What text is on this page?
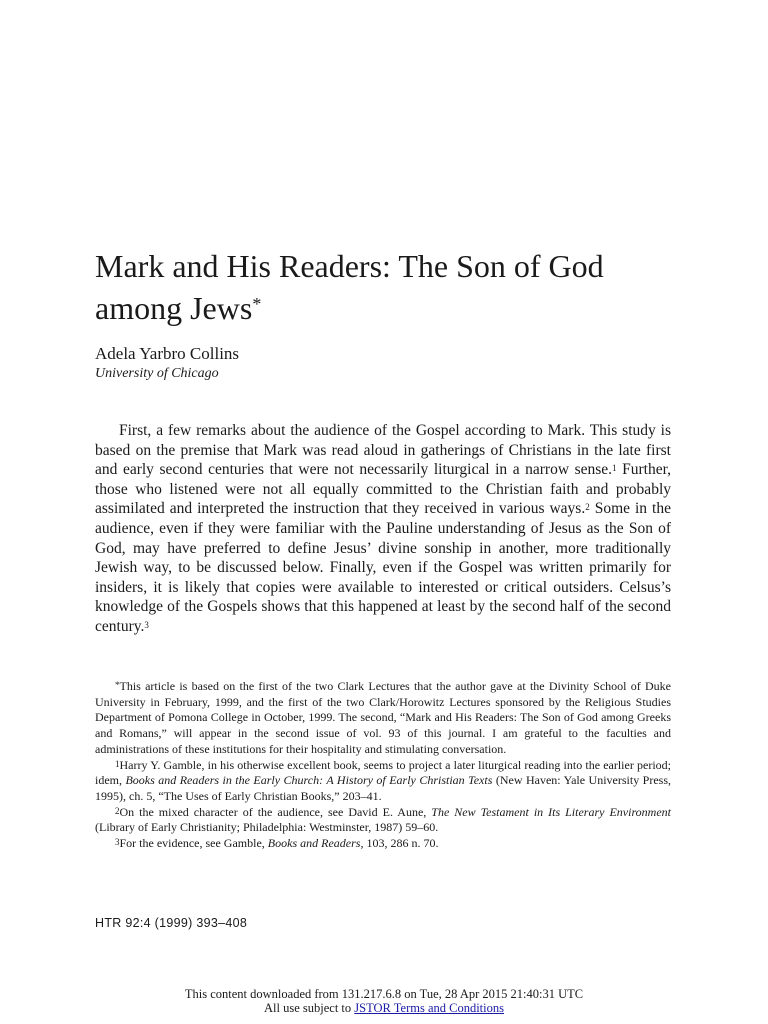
Mark and His Readers: The Son of God among Jews*
Adela Yarbro Collins
University of Chicago

First, a few remarks about the audience of the Gospel according to Mark. This study is based on the premise that Mark was read aloud in gatherings of Christians in the late first and early second centuries that were not necessarily liturgical in a narrow sense.$^1$ Further, those who listened were not all equally committed to the Christian faith and probably assimilated and interpreted the instruction that they received in various ways.$^2$ Some in the audience, even if they were familiar with the Pauline understanding of Jesus as the Son of God, may have preferred to define Jesus’ divine sonship in another, more traditionally Jewish way, to be discussed below. Finally, even if the Gospel was written primarily for insiders, it is likely that copies were available to interested or critical outsiders. Celsus’s knowledge of the Gospels shows that this happened at least by the second half of the second century.$^3$

*This article is based on the first of the two Clark Lectures that the author gave at the Divinity School of Duke University in February, 1999, and the first of the two Clark/Horowitz Lectures sponsored by the Religious Studies Department of Pomona College in October, 1999. The second, “Mark and His Readers: The Son of God among Greeks and Romans,” will appear in the second issue of vol. 93 of this journal. I am grateful to the faculties and administrations of these institutions for their hospitality and stimulating conversation.

$^1$Harry Y. Gamble, in his otherwise excellent book, seems to project a later liturgical reading into the earlier period; idem, Books and Readers in the Early Church: A History of Early Christian Texts (New Haven: Yale University Press, 1995), ch. 5, “The Uses of Early Christian Books,” 203–41.

$^2$On the mixed character of the audience, see David E. Aune, The New Testament in Its Literary Environment (Library of Early Christianity; Philadelphia: Westminster, 1987) 59–60.

$^3$For the evidence, see Gamble, Books and Readers, 103, 286 n. 70.

HTR 92:4 (1999) 393–408
This content downloaded from 131.217.6.8 on Tue, 28 Apr 2015 21:40:31 UTC
All use subject to JSTOR Terms and Conditions
